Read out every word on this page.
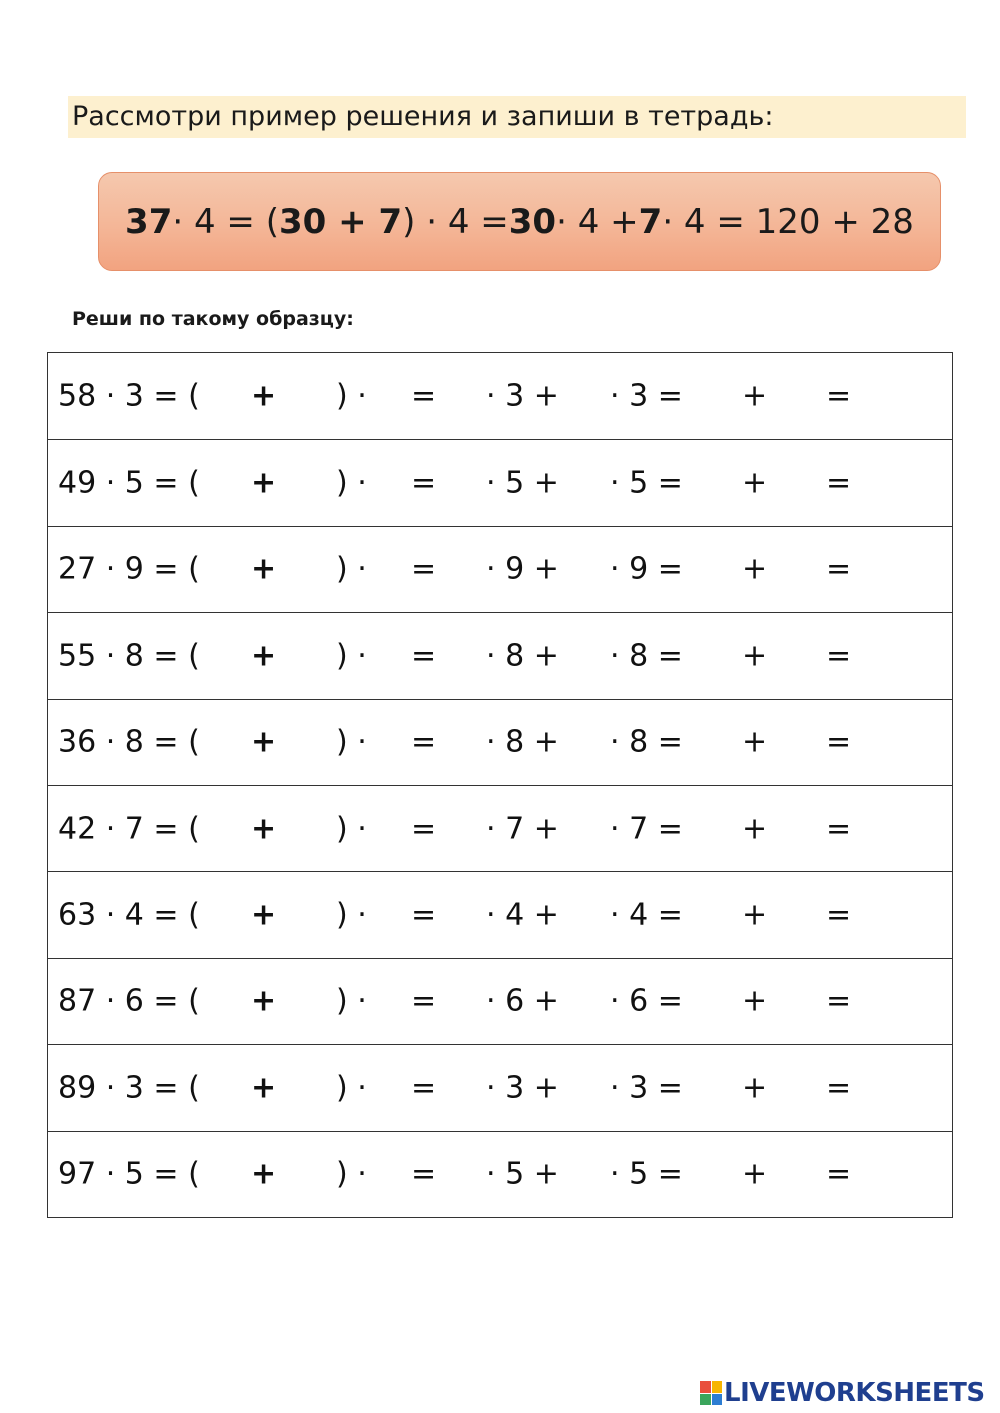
Рассмотри пример решения и запиши в тетрадь:
37 · 4 = ( 30 + 7 ) · 4 = 30 · 4 + 7 · 4 = 120 + 28
Реши по такому образцу:
58 · 3 = ( + ) · = · 3 + · 3 = + =
49 · 5 = ( + ) · = · 5 + · 5 = + =
27 · 9 = ( + ) · = · 9 + · 9 = + =
55 · 8 = ( + ) · = · 8 + · 8 = + =
36 · 8 = ( + ) · = · 8 + · 8 = + =
42 · 7 = ( + ) · = · 7 + · 7 = + =
63 · 4 = ( + ) · = · 4 + · 4 = + =
87 · 6 = ( + ) · = · 6 + · 6 = + =
89 · 3 = ( + ) · = · 3 + · 3 = + =
97 · 5 = ( + ) · = · 5 + · 5 = + =
LIVEWORKSHEETS
